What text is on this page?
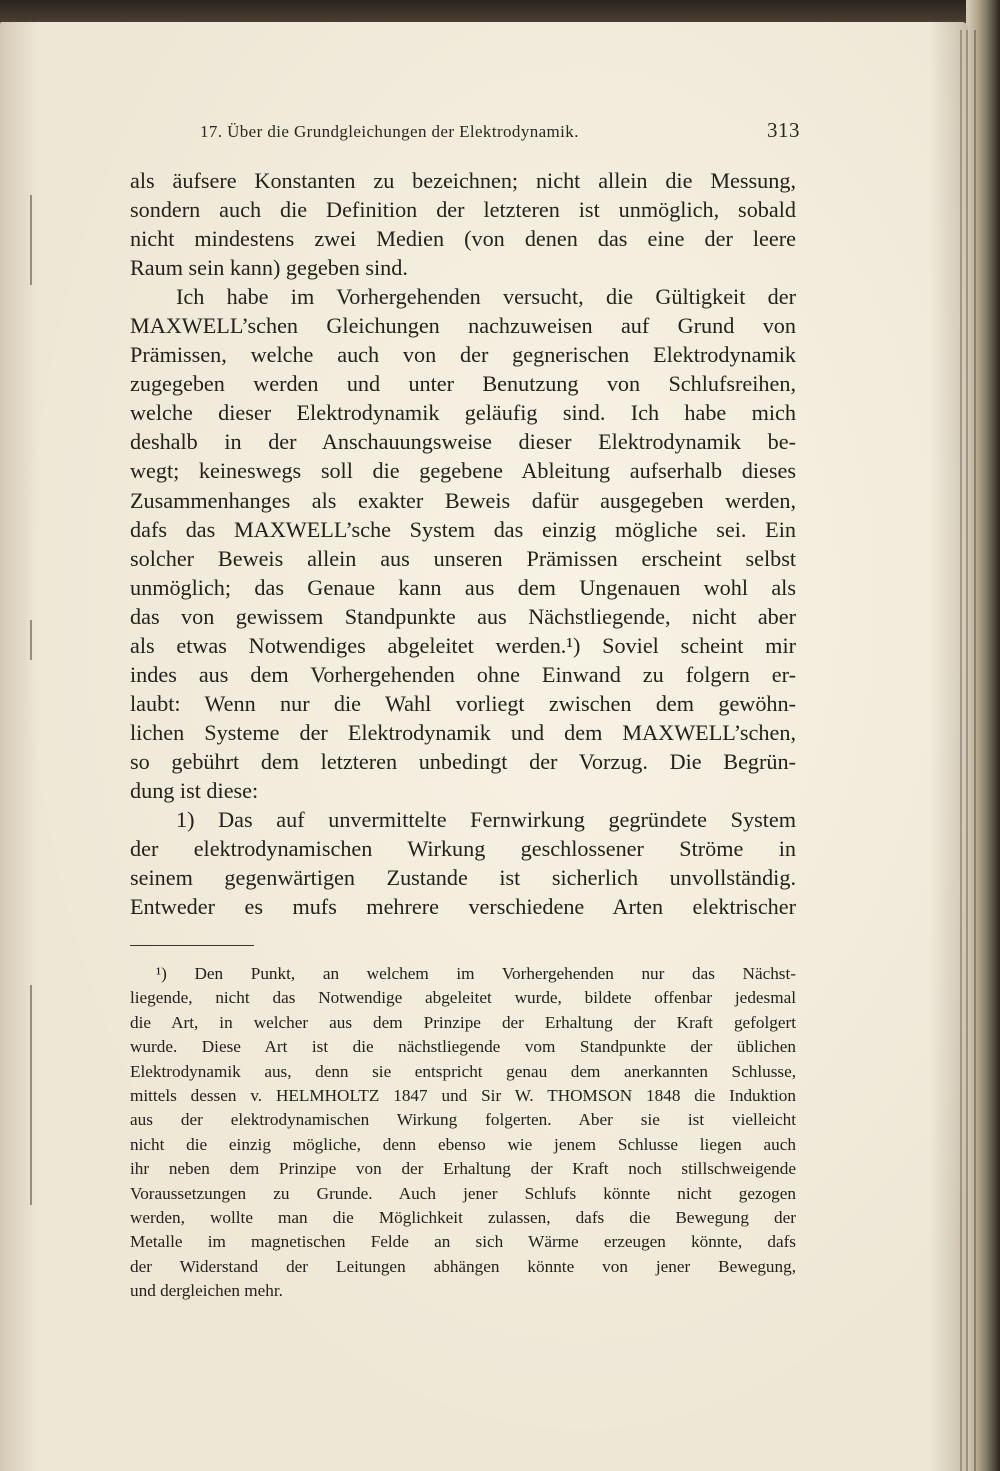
17. Über die Grundgleichungen der Elektrodynamik.	313
als äufsere Konstanten zu bezeichnen; nicht allein die Messung,
sondern auch die Definition der letzteren ist unmöglich, sobald
nicht mindestens zwei Medien (von denen das eine der leere
Raum sein kann) gegeben sind.
Ich habe im Vorhergehenden versucht, die Gültigkeit der
MAXWELL’schen Gleichungen nachzuweisen auf Grund von
Prämissen, welche auch von der gegnerischen Elektrodynamik
zugegeben werden und unter Benutzung von Schlufsreihen,
welche dieser Elektrodynamik geläufig sind. Ich habe mich
deshalb in der Anschauungsweise dieser Elektrodynamik be-
wegt; keineswegs soll die gegebene Ableitung aufserhalb dieses
Zusammenhanges als exakter Beweis dafür ausgegeben werden,
dafs das MAXWELL’sche System das einzig mögliche sei. Ein
solcher Beweis allein aus unseren Prämissen erscheint selbst
unmöglich; das Genaue kann aus dem Ungenauen wohl als
das von gewissem Standpunkte aus Nächstliegende, nicht aber
als etwas Notwendiges abgeleitet werden.¹) Soviel scheint mir
indes aus dem Vorhergehenden ohne Einwand zu folgern er-
laubt: Wenn nur die Wahl vorliegt zwischen dem gewöhn-
lichen Systeme der Elektrodynamik und dem MAXWELL’schen,
so gebührt dem letzteren unbedingt der Vorzug. Die Begrün-
dung ist diese:
1) Das auf unvermittelte Fernwirkung gegründete System
der elektrodynamischen Wirkung geschlossener Ströme in
seinem gegenwärtigen Zustande ist sicherlich unvollständig.
Entweder es mufs mehrere verschiedene Arten elektrischer
¹) Den Punkt, an welchem im Vorhergehenden nur das Nächst-
liegende, nicht das Notwendige abgeleitet wurde, bildete offenbar jedesmal
die Art, in welcher aus dem Prinzipe der Erhaltung der Kraft gefolgert
wurde. Diese Art ist die nächstliegende vom Standpunkte der üblichen
Elektrodynamik aus, denn sie entspricht genau dem anerkannten Schlusse,
mittels dessen v. HELMHOLTZ 1847 und Sir W. THOMSON 1848 die Induktion
aus der elektrodynamischen Wirkung folgerten. Aber sie ist vielleicht
nicht die einzig mögliche, denn ebenso wie jenem Schlusse liegen auch
ihr neben dem Prinzipe von der Erhaltung der Kraft noch stillschweigende
Voraussetzungen zu Grunde. Auch jener Schlufs könnte nicht gezogen
werden, wollte man die Möglichkeit zulassen, dafs die Bewegung der
Metalle im magnetischen Felde an sich Wärme erzeugen könnte, dafs
der Widerstand der Leitungen abhängen könnte von jener Bewegung,
und dergleichen mehr.
